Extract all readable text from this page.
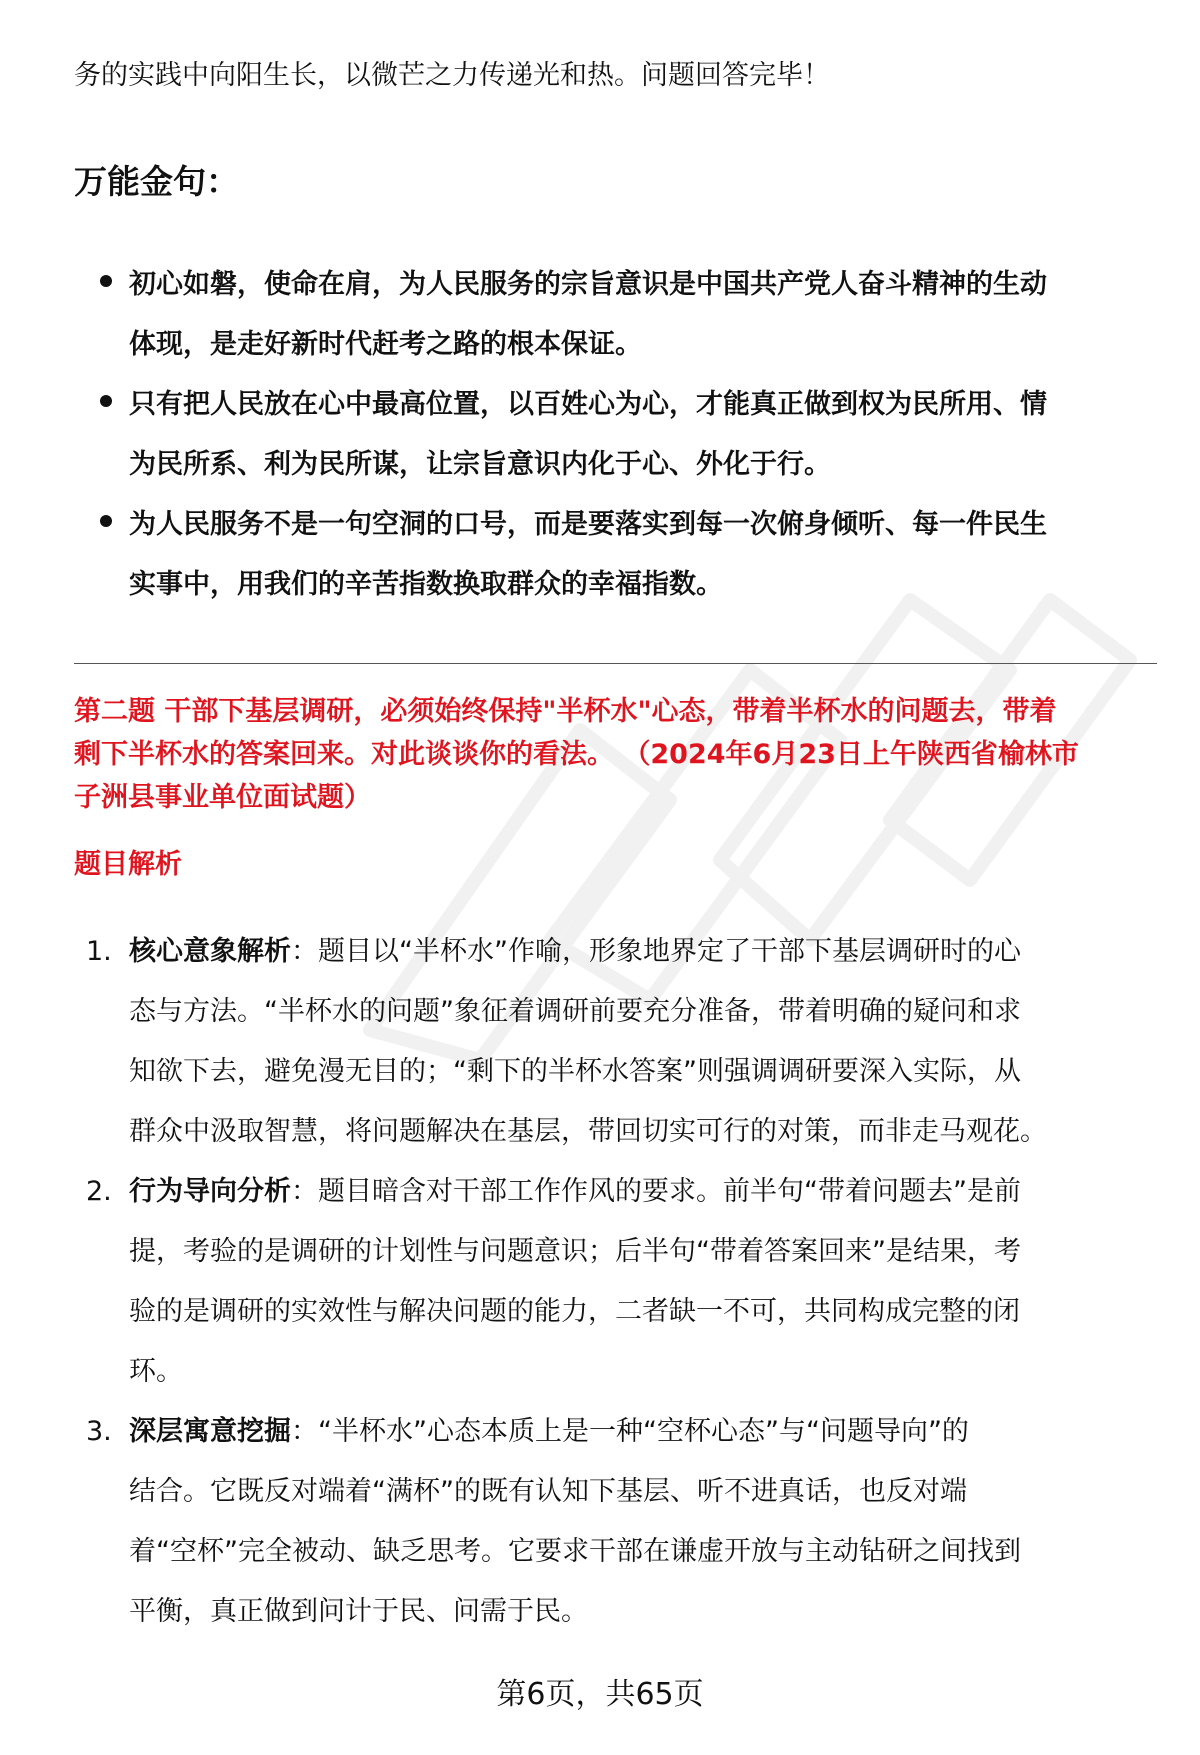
务的实践中向阳生长，以微芒之力传递光和热。问题回答完毕！
万能金句：
初心如磐，使命在肩，为人民服务的宗旨意识是中国共产党人奋斗精神的生动
体现，是走好新时代赶考之路的根本保证。
只有把人民放在心中最高位置，以百姓心为心，才能真正做到权为民所用、情
为民所系、利为民所谋，让宗旨意识内化于心、外化于行。
为人民服务不是一句空洞的口号，而是要落实到每一次俯身倾听、每一件民生
实事中，用我们的辛苦指数换取群众的幸福指数。
第二题 干部下基层调研，必须始终保持"半杯水"心态，带着半杯水的问题去，带着
剩下半杯水的答案回来。对此谈谈你的看法。 （2024年6月23日上午陕西省榆林市
子洲县事业单位面试题）
题目解析
1. 核心意象解析：题目以“半杯水”作喻，形象地界定了干部下基层调研时的心
态与方法。“半杯水的问题”象征着调研前要充分准备，带着明确的疑问和求
知欲下去，避免漫无目的；“剩下的半杯水答案”则强调调研要深入实际，从
群众中汲取智慧，将问题解决在基层，带回切实可行的对策，而非走马观花。
2. 行为导向分析：题目暗含对干部工作作风的要求。前半句“带着问题去”是前
提，考验的是调研的计划性与问题意识；后半句“带着答案回来”是结果，考
验的是调研的实效性与解决问题的能力，二者缺一不可，共同构成完整的闭
环。
3. 深层寓意挖掘：“半杯水”心态本质上是一种“空杯心态”与“问题导向”的
结合。它既反对端着“满杯”的既有认知下基层、听不进真话，也反对端
着“空杯”完全被动、缺乏思考。它要求干部在谦虚开放与主动钻研之间找到
平衡，真正做到问计于民、问需于民。
第6页，共65页
